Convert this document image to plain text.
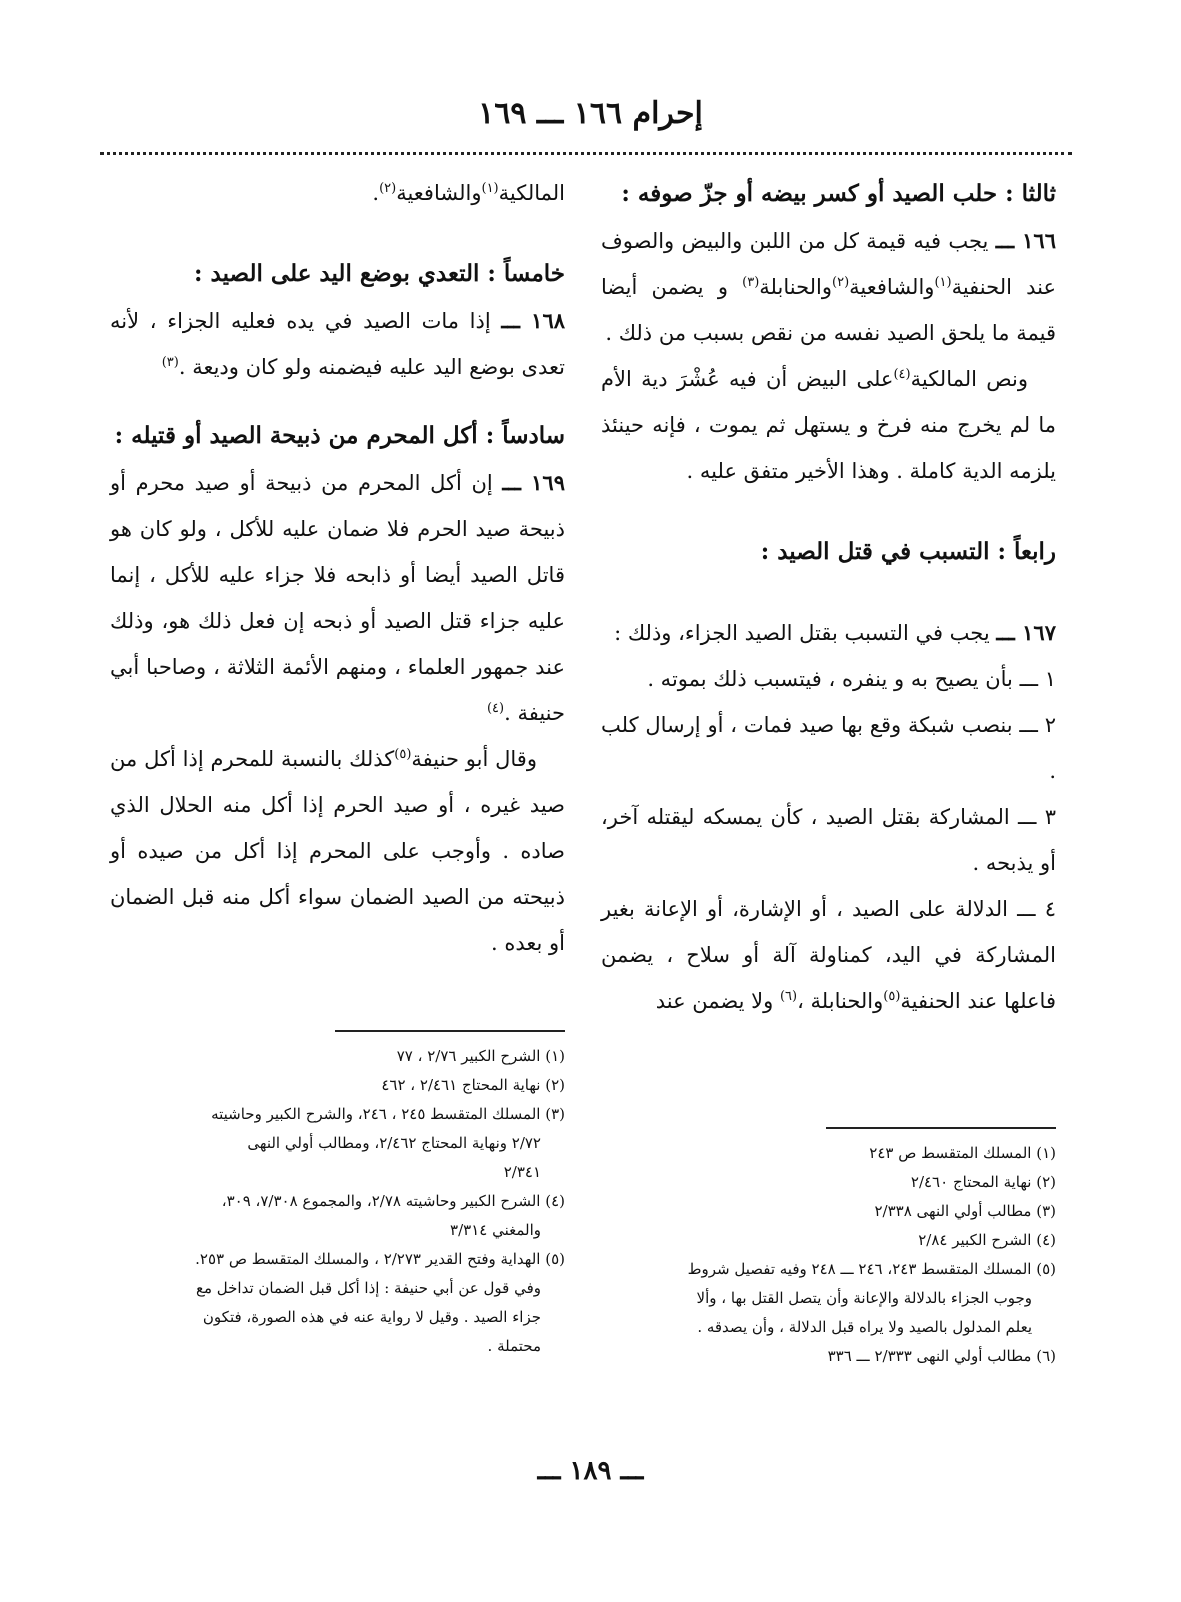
إحرام ١٦٦ ـــ ١٦٩

ثالثا : حلب الصيد أو كسر بيضه أو جزّ صوفه :

١٦٦ ـــ يجب فيه قيمة كل من اللبن والبيض والصوف عند الحنفية$^{(١)}$والشافعية$^{(٢)}$والحنابلة$^{(٣)}$ و يضمن أيضا قيمة ما يلحق الصيد نفسه من نقص بسبب من ذلك .

ونص المالكية$^{(٤)}$على البيض أن فيه عُشْرَ دية الأم ما لم يخرج منه فرخ و يستهل ثم يموت ، فإنه حينئذ يلزمه الدية كاملة . وهذا الأخير متفق عليه .

رابعاً : التسبب في قتل الصيد :

١٦٧ ـــ يجب في التسبب بقتل الصيد الجزاء، وذلك :

١ ـــ بأن يصيح به و ينفره ، فيتسبب ذلك بموته .

٢ ـــ بنصب شبكة وقع بها صيد فمات ، أو إرسال كلب .

٣ ـــ المشاركة بقتل الصيد ، كأن يمسكه ليقتله آخر، أو يذبحه .

٤ ـــ الدلالة على الصيد ، أو الإشارة، أو الإعانة بغير المشاركة في اليد، كمناولة آلة أو سلاح ، يضمن فاعلها عند الحنفية$^{(٥)}$والحنابلة ،$^{(٦)}$ ولا يضمن عند

المالكية$^{(١)}$والشافعية$^{(٢)}$.

خامساً : التعدي بوضع اليد على الصيد :

١٦٨ ـــ إذا مات الصيد في يده فعليه الجزاء ، لأنه تعدى بوضع اليد عليه فيضمنه ولو كان وديعة .$^{(٣)}$

سادساً : أكل المحرم من ذبيحة الصيد أو قتيله :

١٦٩ ـــ إن أكل المحرم من ذبيحة أو صيد محرم أو ذبيحة صيد الحرم فلا ضمان عليه للأكل ، ولو كان هو قاتل الصيد أيضا أو ذابحه فلا جزاء عليه للأكل ، إنما عليه جزاء قتل الصيد أو ذبحه إن فعل ذلك هو، وذلك عند جمهور العلماء ، ومنهم الأئمة الثلاثة ، وصاحبا أبي حنيفة .$^{(٤)}$

وقال أبو حنيفة$^{(٥)}$كذلك بالنسبة للمحرم إذا أكل من صيد غيره ، أو صيد الحرم إذا أكل منه الحلال الذي صاده . وأوجب على المحرم إذا أكل من صيده أو ذبيحته من الصيد الضمان سواء أكل منه قبل الضمان أو بعده .

(١) المسلك المتقسط ص ٢٤٣

(٢) نهاية المحتاج ٢/٤٦٠

(٣) مطالب أولي النهى ٢/٣٣٨

(٤) الشرح الكبير ٢/٨٤

(٥) المسلك المتقسط ٢٤٣، ٢٤٦ ـــ ٢٤٨ وفيه تفصيل شروط

وجوب الجزاء بالدلالة والإعانة وأن يتصل القتل بها ، وألا

يعلم المدلول بالصيد ولا يراه قبل الدلالة ، وأن يصدقه .

(٦) مطالب أولي النهى ٢/٣٣٣ ـــ ٣٣٦

(١) الشرح الكبير ٢/٧٦ ، ٧٧

(٢) نهاية المحتاج ٢/٤٦١ ، ٤٦٢

(٣) المسلك المتقسط ٢٤٥ ، ٢٤٦، والشرح الكبير وحاشيته

٢/٧٢ ونهاية المحتاج ٢/٤٦٢، ومطالب أولي النهى

٢/٣٤١

(٤) الشرح الكبير وحاشيته ٢/٧٨، والمجموع ٧/٣٠٨، ٣٠٩،

والمغني ٣/٣١٤

(٥) الهداية وفتح القدير ٢/٢٧٣ ، والمسلك المتقسط ص ٢٥٣.

وفي قول عن أبي حنيفة : إذا أكل قبل الضمان تداخل مع

جزاء الصيد . وقيل لا رواية عنه في هذه الصورة، فتكون

محتملة .

ـــ ١٨٩ ـــ
